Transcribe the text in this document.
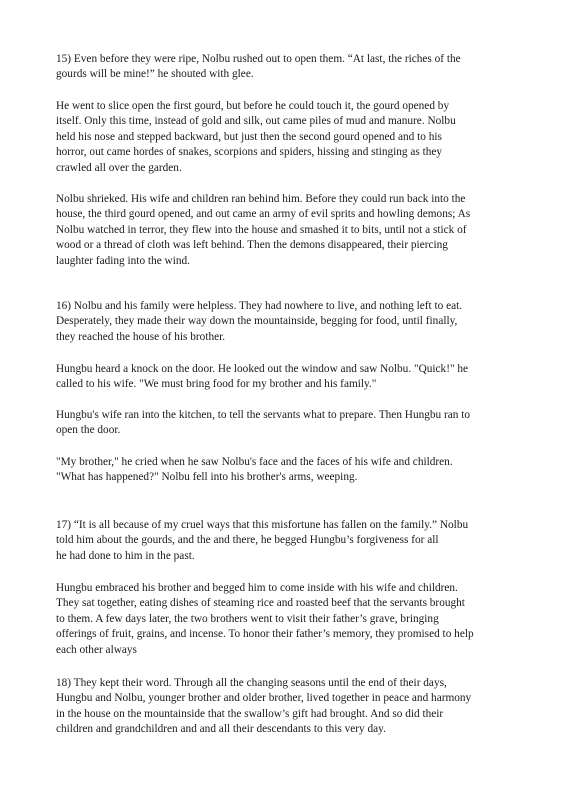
15) Even before they were ripe, Nolbu rushed out to open them. “At last, the riches of the
gourds will be mine!” he shouted with glee.

He went to slice open the first gourd, but before he could touch it, the gourd opened by
itself. Only this time, instead of gold and silk, out came piles of mud and manure. Nolbu
held his nose and stepped backward, but just then the second gourd opened and to his
horror, out came hordes of snakes, scorpions and spiders, hissing and stinging as they
crawled all over the garden.

Nolbu shrieked. His wife and children ran behind him. Before they could run back into the
house, the third gourd opened, and out came an army of evil sprits and howling demons; As
Nolbu watched in terror, they flew into the house and smashed it to bits, until not a stick of
wood or a thread of cloth was left behind. Then the demons disappeared, their piercing
laughter fading into the wind.

16) Nolbu and his family were helpless. They had nowhere to live, and nothing left to eat.
Desperately, they made their way down the mountainside, begging for food, until finally,
they reached the house of his brother.

Hungbu heard a knock on the door. He looked out the window and saw Nolbu. "Quick!" he
called to his wife. "We must bring food for my brother and his family."

Hungbu's wife ran into the kitchen, to tell the servants what to prepare. Then Hungbu ran to
open the door.

"My brother," he cried when he saw Nolbu's face and the faces of his wife and children.
"What has happened?" Nolbu fell into his brother's arms, weeping.

17) “It is all because of my cruel ways that this misfortune has fallen on the family.” Nolbu
told him about the gourds, and the and there, he begged Hungbu’s forgiveness for all
he had done to him in the past.

Hungbu embraced his brother and begged him to come inside with his wife and children.
They sat together, eating dishes of steaming rice and roasted beef that the servants brought
to them. A few days later, the two brothers went to visit their father’s grave, bringing
offerings of fruit, grains, and incense. To honor their father’s memory, they promised to help
each other always

18) They kept their word. Through all the changing seasons until the end of their days,
Hungbu and Nolbu, younger brother and older brother, lived together in peace and harmony
in the house on the mountainside that the swallow’s gift had brought. And so did their
children and grandchildren and and all their descendants to this very day.
